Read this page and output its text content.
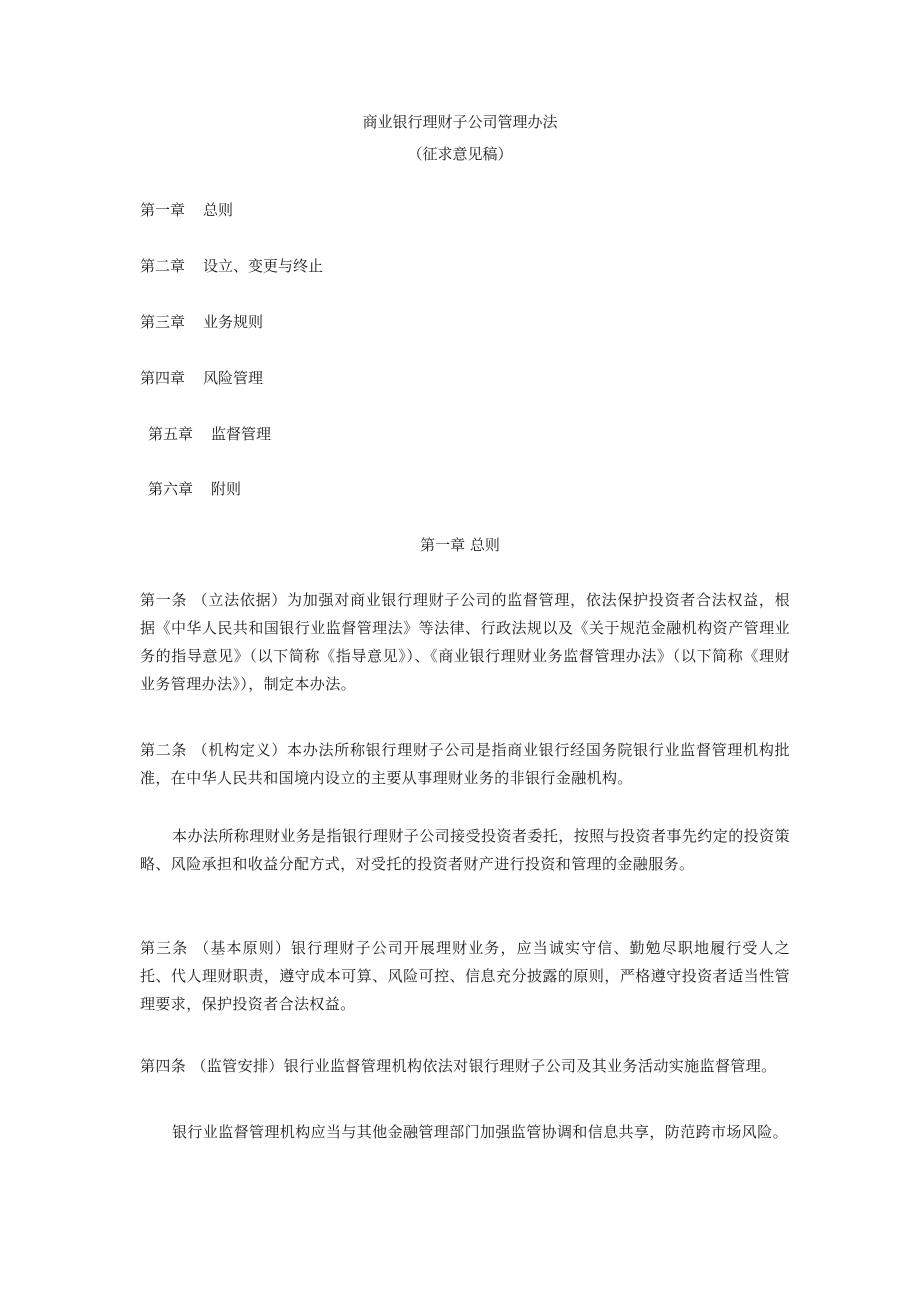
商业银行理财子公司管理办法
（征求意见稿）
第一章 总则
第二章 设立、变更与终止
第三章 业务规则
第四章 风险管理
第五章 监督管理
第六章 附则
第一章 总则
第一条 （立法依据）为加强对商业银行理财子公司的监督管理，依法保护投资者合法权益，根据《中华人民共和国银行业监督管理法》等法律、行政法规以及《关于规范金融机构资产管理业务的指导意见》（以下简称《指导意见》）、《商业银行理财业务监督管理办法》（以下简称《理财业务管理办法》），制定本办法。
第二条 （机构定义）本办法所称银行理财子公司是指商业银行经国务院银行业监督管理机构批准，在中华人民共和国境内设立的主要从事理财业务的非银行金融机构。
本办法所称理财业务是指银行理财子公司接受投资者委托，按照与投资者事先约定的投资策略、风险承担和收益分配方式，对受托的投资者财产进行投资和管理的金融服务。
第三条 （基本原则）银行理财子公司开展理财业务，应当诚实守信、勤勉尽职地履行受人之托、代人理财职责，遵守成本可算、风险可控、信息充分披露的原则，严格遵守投资者适当性管理要求，保护投资者合法权益。
第四条 （监管安排）银行业监督管理机构依法对银行理财子公司及其业务活动实施监督管理。
银行业监督管理机构应当与其他金融管理部门加强监管协调和信息共享，防范跨市场风险。
